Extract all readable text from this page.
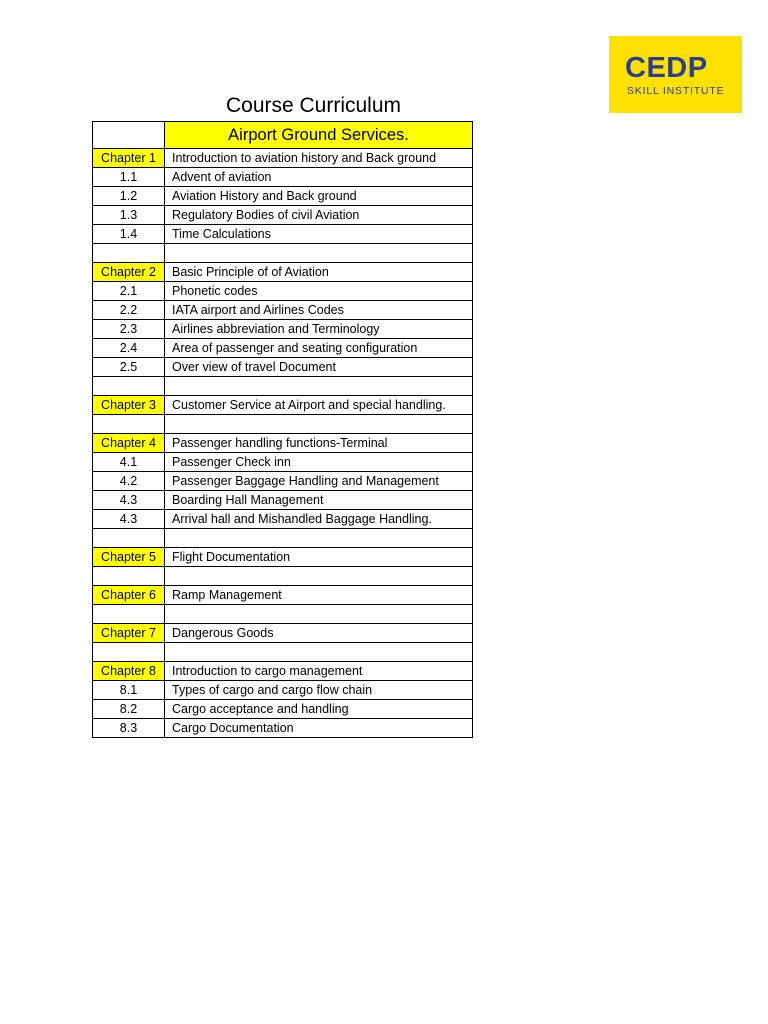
CEDP
SKILL INSTITUTE
Course Curriculum
	Airport Ground Services.
Chapter 1	Introduction to aviation history and Back ground
1.1	Advent of aviation
1.2	Aviation History and Back ground
1.3	Regulatory Bodies of civil Aviation
1.4	Time Calculations

Chapter 2	Basic Principle of of Aviation
2.1	Phonetic codes
2.2	IATA airport and Airlines Codes
2.3	Airlines abbreviation and Terminology
2.4	Area of passenger and seating configuration
2.5	Over view of travel Document

Chapter 3	Customer Service at Airport and special handling.

Chapter 4	Passenger handling functions-Terminal
4.1	Passenger Check inn
4.2	Passenger Baggage Handling and Management
4.3	Boarding Hall Management
4.3	Arrival hall and Mishandled Baggage Handling.

Chapter 5	Flight Documentation

Chapter 6	Ramp Management

Chapter 7	Dangerous Goods

Chapter 8	Introduction to cargo management
8.1	Types of cargo and cargo flow chain
8.2	Cargo acceptance and handling
8.3	Cargo Documentation
